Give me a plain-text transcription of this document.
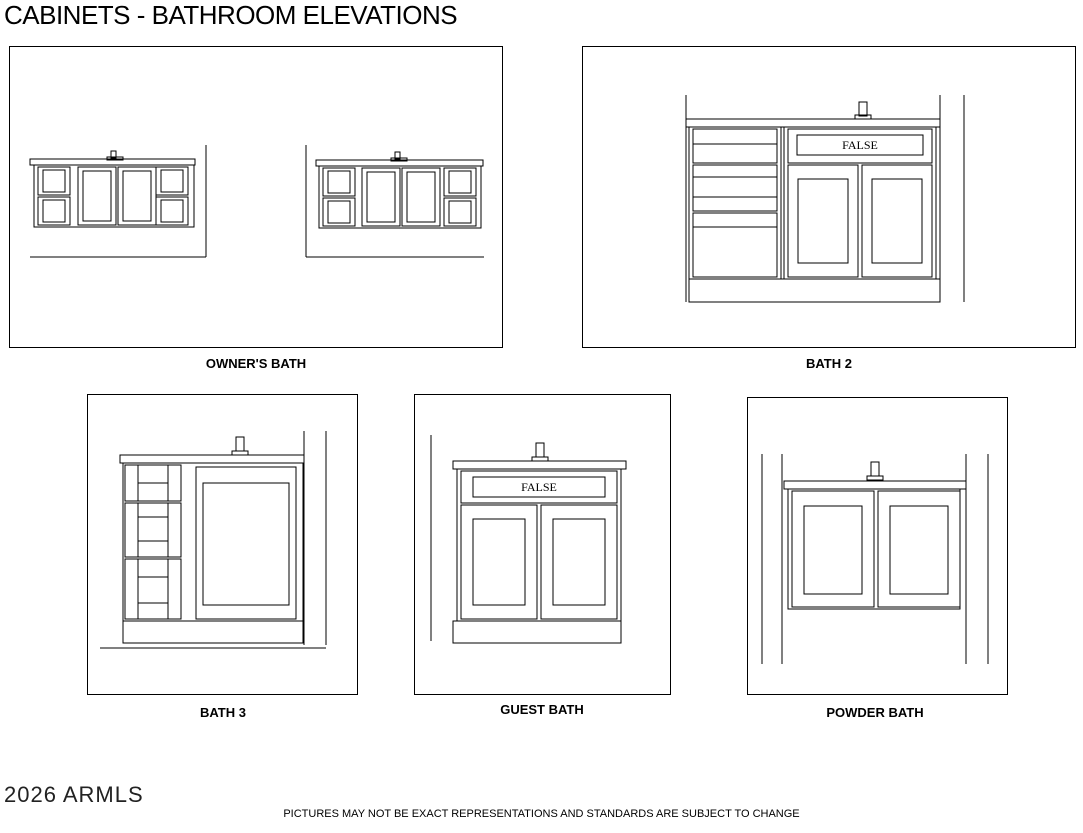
CABINETS - BATHROOM ELEVATIONS
OWNER'S BATH
FALSE
BATH 2
BATH 3
FALSE
GUEST BATH	POWDER BATH
2026 ARMLS
PICTURES MAY NOT BE EXACT REPRESENTATIONS AND STANDARDS ARE SUBJECT TO CHANGE
